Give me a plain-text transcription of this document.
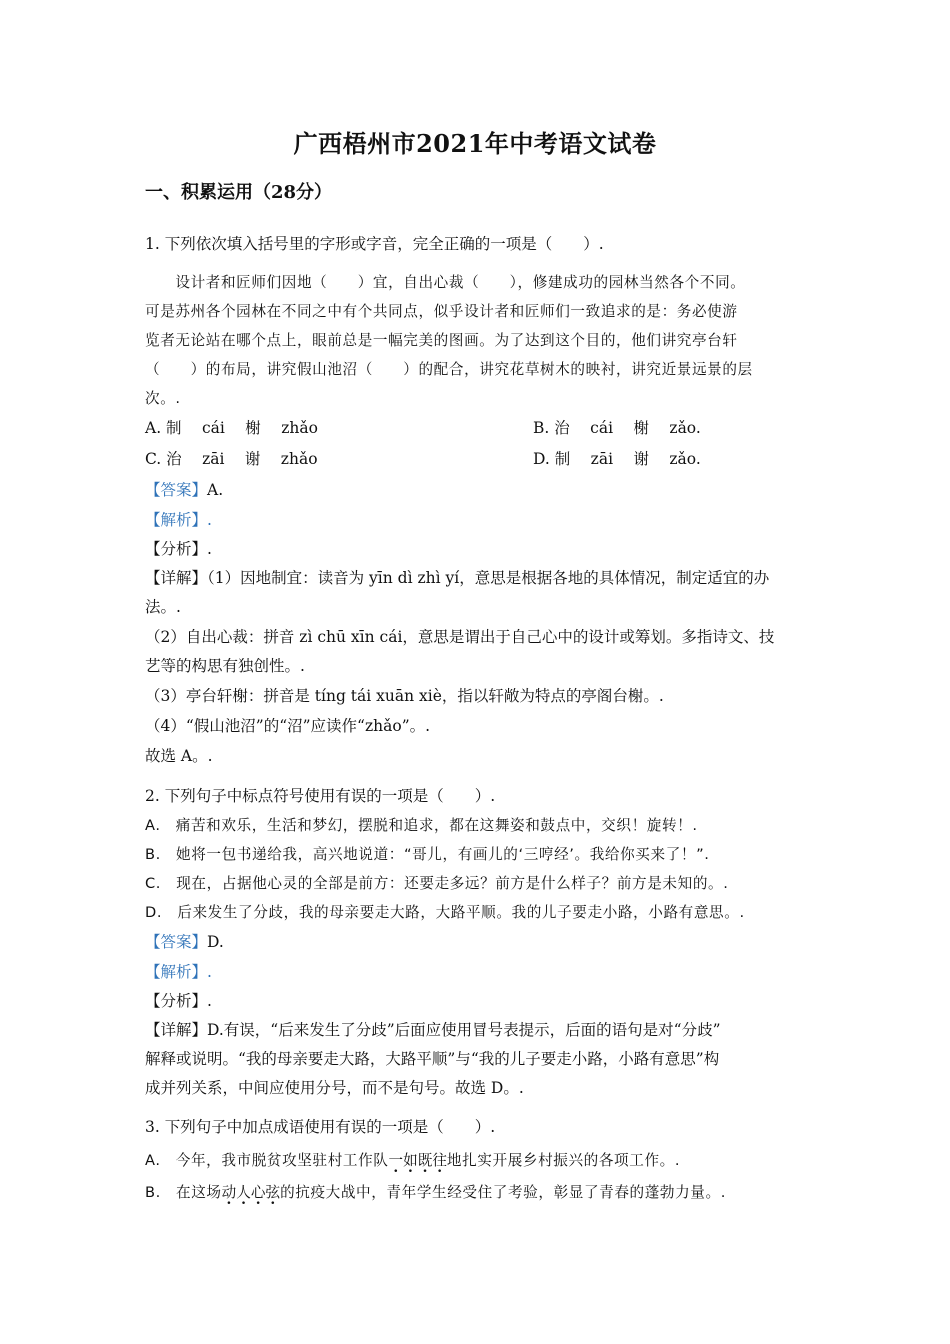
广西梧州市2021年中考语文试卷
一、积累运用（28分）
1. 下列依次填入括号里的字形或字音，完全正确的一项是（　　）.
　　设计者和匠师们因地（　　）宜，自出心裁（　　），修建成功的园林当然各个不同。
可是苏州各个园林在不同之中有个共同点，似乎设计者和匠师们一致追求的是：务必使游
览者无论站在哪个点上，眼前总是一幅完美的图画。为了达到这个目的，他们讲究亭台轩
（　　）的布局，讲究假山池沼（　　）的配合，讲究花草树木的映衬，讲究近景远景的层
次。.
A. 制　 cái　 榭　 zhǎo	B. 治　 cái　 榭　 zǎo.
C. 治　 zāi　 谢　 zhǎo	D. 制　 zāi　 谢　 zǎo.
【答案】A.
【解析】.
【分析】.
【详解】（1）因地制宜：读音为 yīn dì zhì yí，意思是根据各地的具体情况，制定适宜的办
法。.
（2）自出心裁：拼音 zì chū xīn cái，意思是谓出于自己心中的设计或筹划。多指诗文、技
艺等的构思有独创性。.
（3）亭台轩榭：拼音是 tíng tái xuān xiè，指以轩敞为特点的亭阁台榭。.
（4）“假山池沼”的“沼”应读作“zhǎo”。.
故选 A。.
2. 下列句子中标点符号使用有误的一项是（　　）.
A.　痛苦和欢乐，生活和梦幻，摆脱和追求，都在这舞姿和鼓点中，交织！旋转！.
B.　她将一包书递给我，高兴地说道：“哥儿，有画儿的‘三哼经’。我给你买来了！”.
C.　现在，占据他心灵的全部是前方：还要走多远？前方是什么样子？前方是未知的。.
D.　后来发生了分歧，我的母亲要走大路，大路平顺。我的儿子要走小路，小路有意思。.
【答案】D.
【解析】.
【分析】.
【详解】D.有误，“后来发生了分歧”后面应使用冒号表提示，后面的语句是对“分歧”
解释或说明。“我的母亲要走大路，大路平顺”与“我的儿子要走小路，小路有意思”构
成并列关系，中间应使用分号，而不是句号。故选 D。.
3. 下列句子中加点成语使用有误的一项是（　　）.
A.　今年，我市脱贫攻坚驻村工作队一如既往地扎实开展乡村振兴的各项工作。.
B.　在这场动人心弦的抗疫大战中，青年学生经受住了考验，彰显了青春的蓬勃力量。.
